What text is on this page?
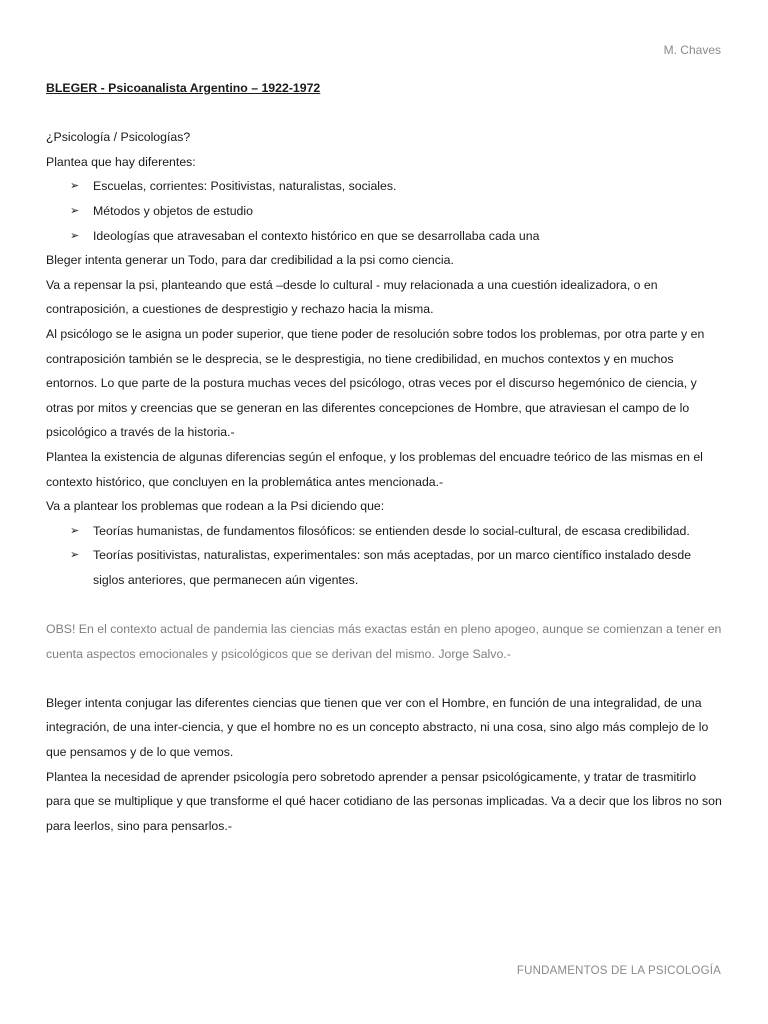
M. Chaves

BLEGER - Psicoanalista Argentino – 1922-1972

¿Psicología / Psicologías?

Plantea que hay diferentes:

➢ Escuelas, corrientes: Positivistas, naturalistas, sociales.
➢ Métodos y objetos de estudio
➢ Ideologías que atravesaban el contexto histórico en que se desarrollaba cada una

Bleger intenta generar un Todo, para dar credibilidad a la psi como ciencia.

Va a repensar la psi, planteando que está –desde lo cultural - muy relacionada a una cuestión idealizadora, o en contraposición, a cuestiones de desprestigio y rechazo hacia la misma.

Al psicólogo se le asigna un poder superior, que tiene poder de resolución sobre todos los problemas, por otra parte y en contraposición también se le desprecia, se le desprestigia, no tiene credibilidad, en muchos contextos y en muchos entornos. Lo que parte de la postura muchas veces del psicólogo, otras veces por el discurso hegemónico de ciencia, y otras por mitos y creencias que se generan en las diferentes concepciones de Hombre, que atraviesan el campo de lo psicológico a través de la historia.-

Plantea la existencia de algunas diferencias según el enfoque, y los problemas del encuadre teórico de las mismas en el contexto histórico, que concluyen en la problemática antes mencionada.-

Va a plantear los problemas que rodean a la Psi diciendo que:

➢ Teorías humanistas, de fundamentos filosóficos: se entienden desde lo social-cultural, de escasa credibilidad.
➢ Teorías positivistas, naturalistas, experimentales: son más aceptadas, por un marco científico instalado desde siglos anteriores, que permanecen aún vigentes.

OBS! En el contexto actual de pandemia las ciencias más exactas están en pleno apogeo, aunque se comienzan a tener en cuenta aspectos emocionales y psicológicos que se derivan del mismo. Jorge Salvo.-

Bleger intenta conjugar las diferentes ciencias que tienen que ver con el Hombre, en función de una integralidad, de una integración, de una inter-ciencia, y que el hombre no es un concepto abstracto, ni una cosa, sino algo más complejo de lo que pensamos y de lo que vemos.

Plantea la necesidad de aprender psicología pero sobretodo aprender a pensar psicológicamente, y tratar de trasmitirlo para que se multiplique y que transforme el qué hacer cotidiano de las personas implicadas. Va a decir que los libros no son para leerlos, sino para pensarlos.-

FUNDAMENTOS DE LA PSICOLOGÍA
